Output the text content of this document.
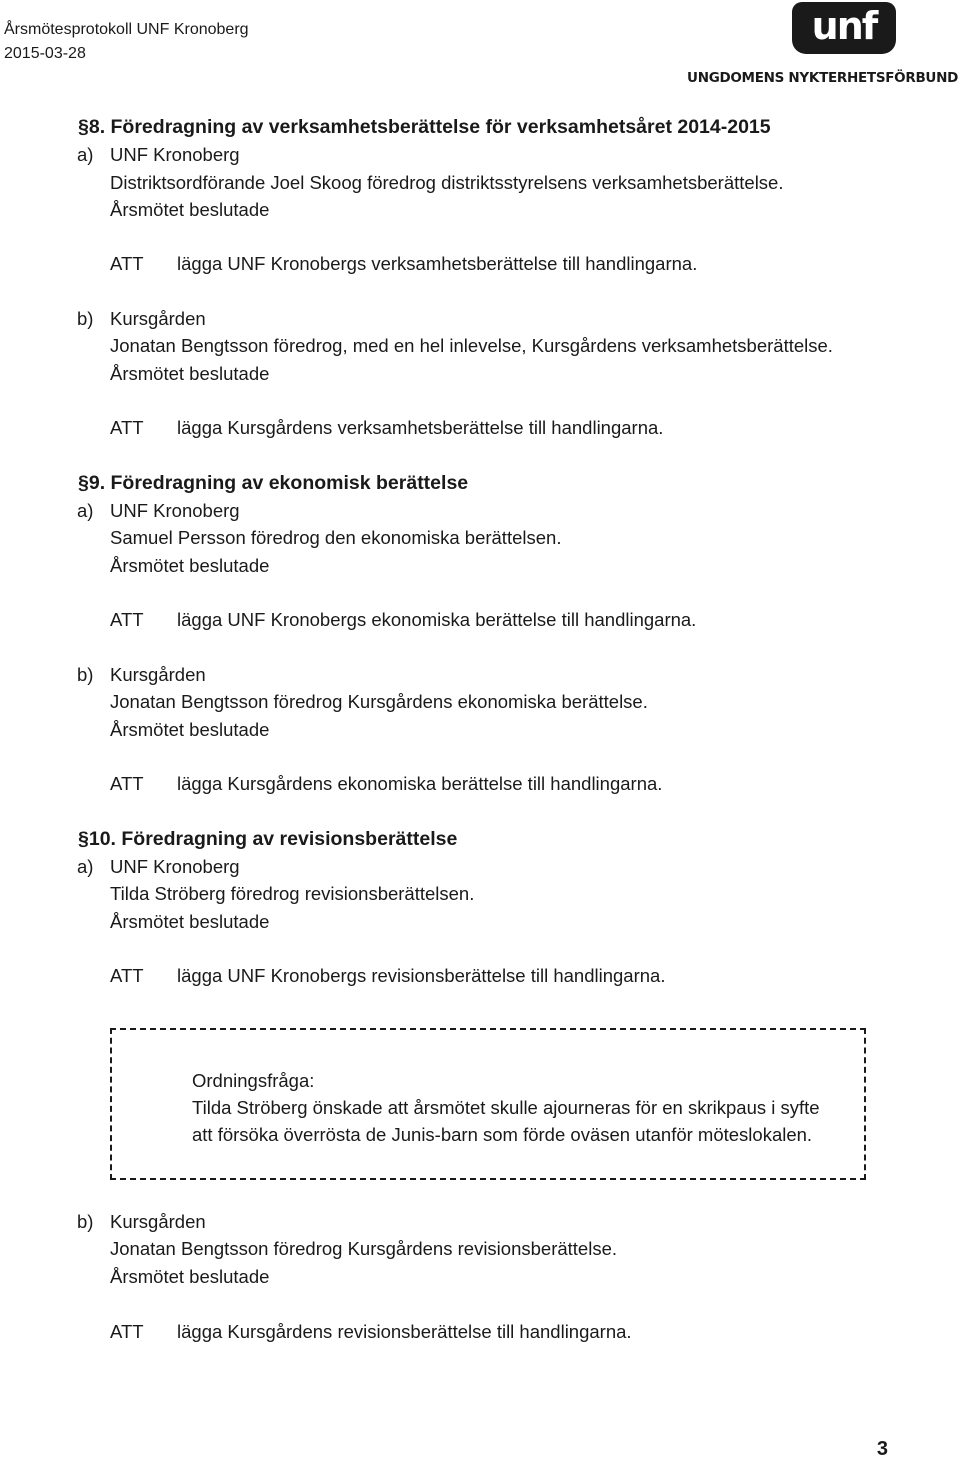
Årsmötesprotokoll UNF Kronoberg
2015-03-28
unf
UNGDOMENS NYKTERHETSFÖRBUND
§8. Föredragning av verksamhetsberättelse för verksamhetsåret 2014-2015
a) UNF Kronoberg
Distriktsordförande Joel Skoog föredrog distriktsstyrelsens verksamhetsberättelse.
Årsmötet beslutade
ATT lägga UNF Kronobergs verksamhetsberättelse till handlingarna.
b) Kursgården
Jonatan Bengtsson föredrog, med en hel inlevelse, Kursgårdens verksamhetsberättelse.
Årsmötet beslutade
ATT lägga Kursgårdens verksamhetsberättelse till handlingarna.
§9. Föredragning av ekonomisk berättelse
a) UNF Kronoberg
Samuel Persson föredrog den ekonomiska berättelsen.
Årsmötet beslutade
ATT lägga UNF Kronobergs ekonomiska berättelse till handlingarna.
b) Kursgården
Jonatan Bengtsson föredrog Kursgårdens ekonomiska berättelse.
Årsmötet beslutade
ATT lägga Kursgårdens ekonomiska berättelse till handlingarna.
§10. Föredragning av revisionsberättelse
a) UNF Kronoberg
Tilda Ströberg föredrog revisionsberättelsen.
Årsmötet beslutade
ATT lägga UNF Kronobergs revisionsberättelse till handlingarna.
Ordningsfråga:
Tilda Ströberg önskade att årsmötet skulle ajourneras för en skrikpaus i syfte
att försöka överrösta de Junis-barn som förde oväsen utanför möteslokalen.
b) Kursgården
Jonatan Bengtsson föredrog Kursgårdens revisionsberättelse.
Årsmötet beslutade
ATT lägga Kursgårdens revisionsberättelse till handlingarna.
3
